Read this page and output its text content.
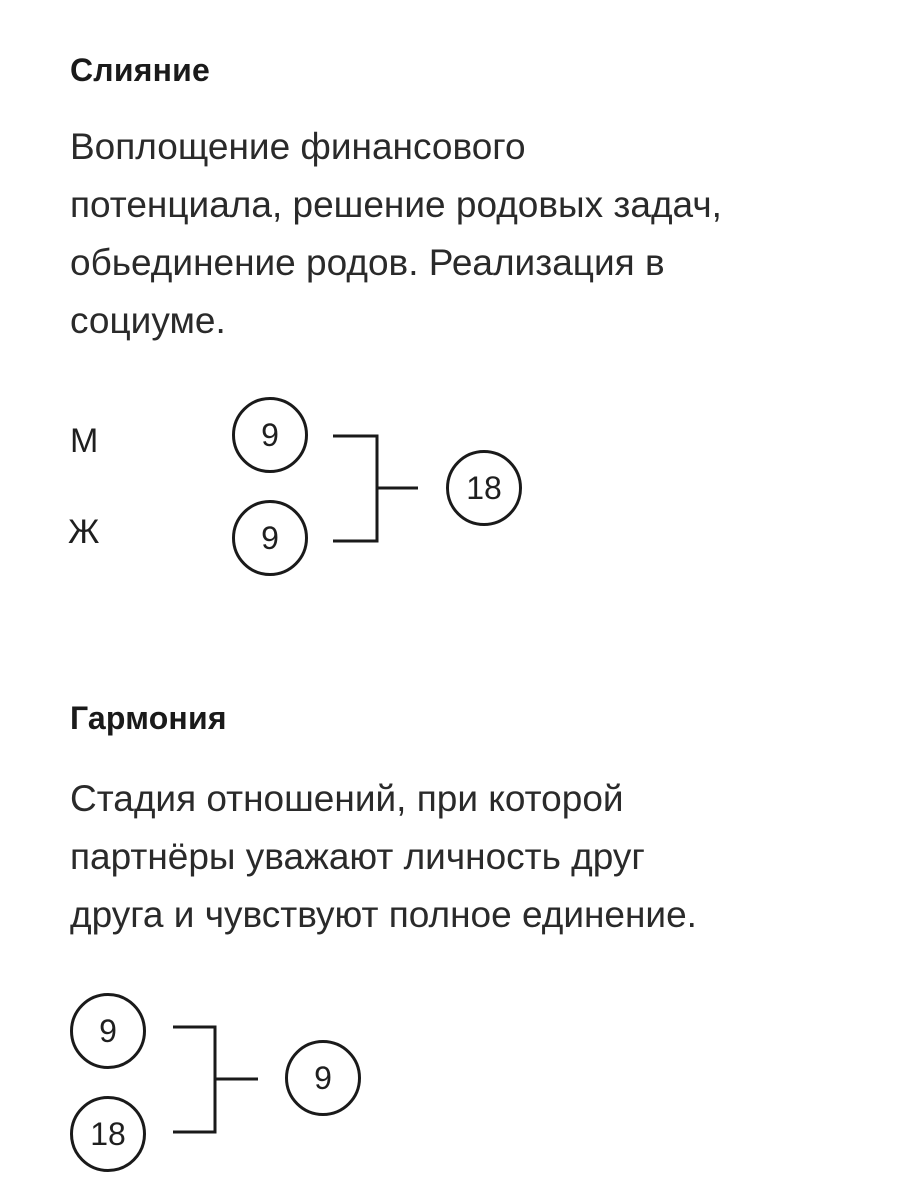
Слияние
Воплощение финансового
потенциала, решение родовых задач,
обьединение родов. Реализация в
социуме.
М
Ж
9
9
18
Гармония
Стадия отношений, при которой
партнёры уважают личность друг
друга и чувствуют полное единение.
9
18
9
